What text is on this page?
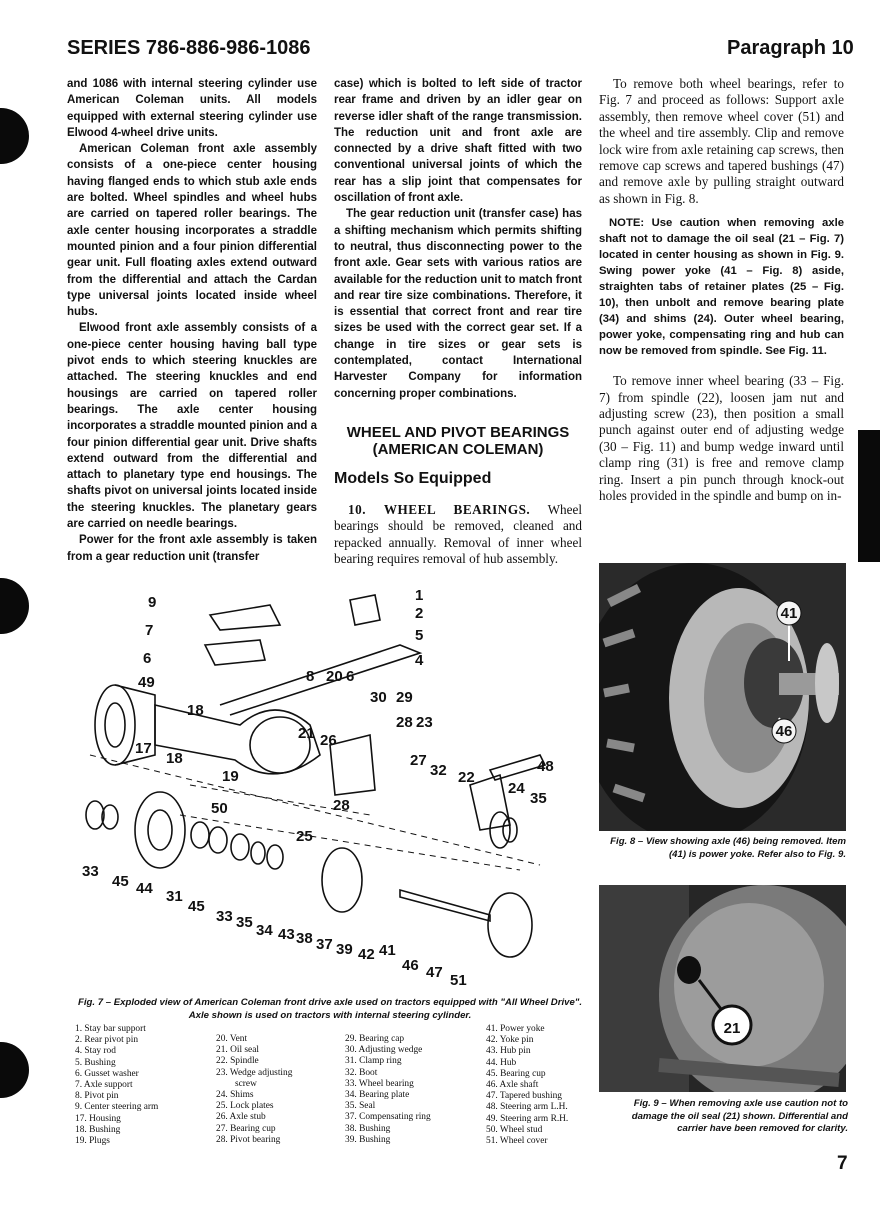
SERIES 786-886-986-1086	Paragraph 10

and 1086 with internal steering cylinder use American Coleman units. All models equipped with external steering cylinder use Elwood 4-wheel drive units.

American Coleman front axle assembly consists of a one-piece center housing having flanged ends to which stub axle ends are bolted. Wheel spindles and wheel hubs are carried on tapered roller bearings. The axle center housing incorporates a straddle mounted pinion and a four pinion differential gear unit. Full floating axles extend outward from the differential and attach the Cardan type universal joints located inside wheel hubs.

Elwood front axle assembly consists of a one-piece center housing having ball type pivot ends to which steering knuckles are attached. The steering knuckles and end housings are carried on tapered roller bearings. The axle center housing incorporates a straddle mounted pinion and a four pinion differential gear unit. Drive shafts extend outward from the differential and attach to planetary type end housings. The shafts pivot on universal joints located inside the steering knuckles. The planetary gears are carried on needle bearings.

Power for the front axle assembly is taken from a gear reduction unit (transfer

case) which is bolted to left side of tractor rear frame and driven by an idler gear on reverse idler shaft of the range transmission. The reduction unit and front axle are connected by a drive shaft fitted with two conventional universal joints of which the rear has a slip joint that compensates for oscillation of front axle.

The gear reduction unit (transfer case) has a shifting mechanism which permits shifting to neutral, thus disconnecting power to the front axle. Gear sets with various ratios are available for the reduction unit to match front and rear tire size combinations. Therefore, it is essential that correct front and rear tire sizes be used with the correct gear set. If a change in tire sizes or gear sets is contemplated, contact International Harvester Company for information concerning proper combinations.

WHEEL AND PIVOT BEARINGS (AMERICAN COLEMAN)
Models So Equipped

10. WHEEL BEARINGS. Wheel bearings should be removed, cleaned and repacked annually. Removal of inner wheel bearing requires removal of hub assembly.

To remove both wheel bearings, refer to Fig. 7 and proceed as follows: Support axle assembly, then remove wheel cover (51) and the wheel and tire assembly. Clip and remove lock wire from axle retaining cap screws, then remove cap screws and tapered bushings (47) and remove axle by pulling straight outward as shown in Fig. 8.

NOTE: Use caution when removing axle shaft not to damage the oil seal (21 – Fig. 7) located in center housing as shown in Fig. 9. Swing power yoke (41 – Fig. 8) aside, straighten tabs of retainer plates (25 – Fig. 10), then unbolt and remove bearing plate (34) and shims (24). Outer wheel bearing, power yoke, compensating ring and hub can now be removed from spindle. See Fig. 11.

To remove inner wheel bearing (33 – Fig. 7) from spindle (22), loosen jam nut and adjusting screw (23), then position a small punch against outer end of adjusting wedge (30 – Fig. 11) and bump wedge inward until clamp ring (31) is free and remove clamp ring. Insert a pin punch through knock-out holes provided in the spindle and bump on in-

9	1
2
7	5
6	4
49	8 20 6
30 29
18
28 23
21 26
17
27
18
32 22
48
19
24
35
28
50
25
33
45 44 31
45
33 35 34 43 38 37 39 42 41
46 47 51
Fig. 7 – Exploded view of American Coleman front drive axle used on tractors equipped with "All Wheel Drive". Axle shown is used on tractors with internal steering cylinder.
1. Stay bar support
2. Rear pivot pin
4. Stay rod
5. Bushing
6. Gusset washer
7. Axle support
8. Pivot pin
9. Center steering arm
17. Housing
18. Bushing
19. Plugs
20. Vent
21. Oil seal
22. Spindle
23. Wedge adjusting
screw
24. Shims
25. Lock plates
26. Axle stub
27. Bearing cup
28. Pivot bearing
29. Bearing cap
30. Adjusting wedge
31. Clamp ring
32. Boot
33. Wheel bearing
34. Bearing plate
35. Seal
37. Compensating ring
38. Bushing
39. Bushing
41. Power yoke
42. Yoke pin
43. Hub pin
44. Hub
45. Bearing cup
46. Axle shaft
47. Tapered bushing
48. Steering arm L.H.
49. Steering arm R.H.
50. Wheel stud
51. Wheel cover
41
46
Fig. 8 – View showing axle (46) being removed. Item (41) is power yoke. Refer also to Fig. 9.
21
Fig. 9 – When removing axle use caution not to damage the oil seal (21) shown. Differential and carrier have been removed for clarity.
7
